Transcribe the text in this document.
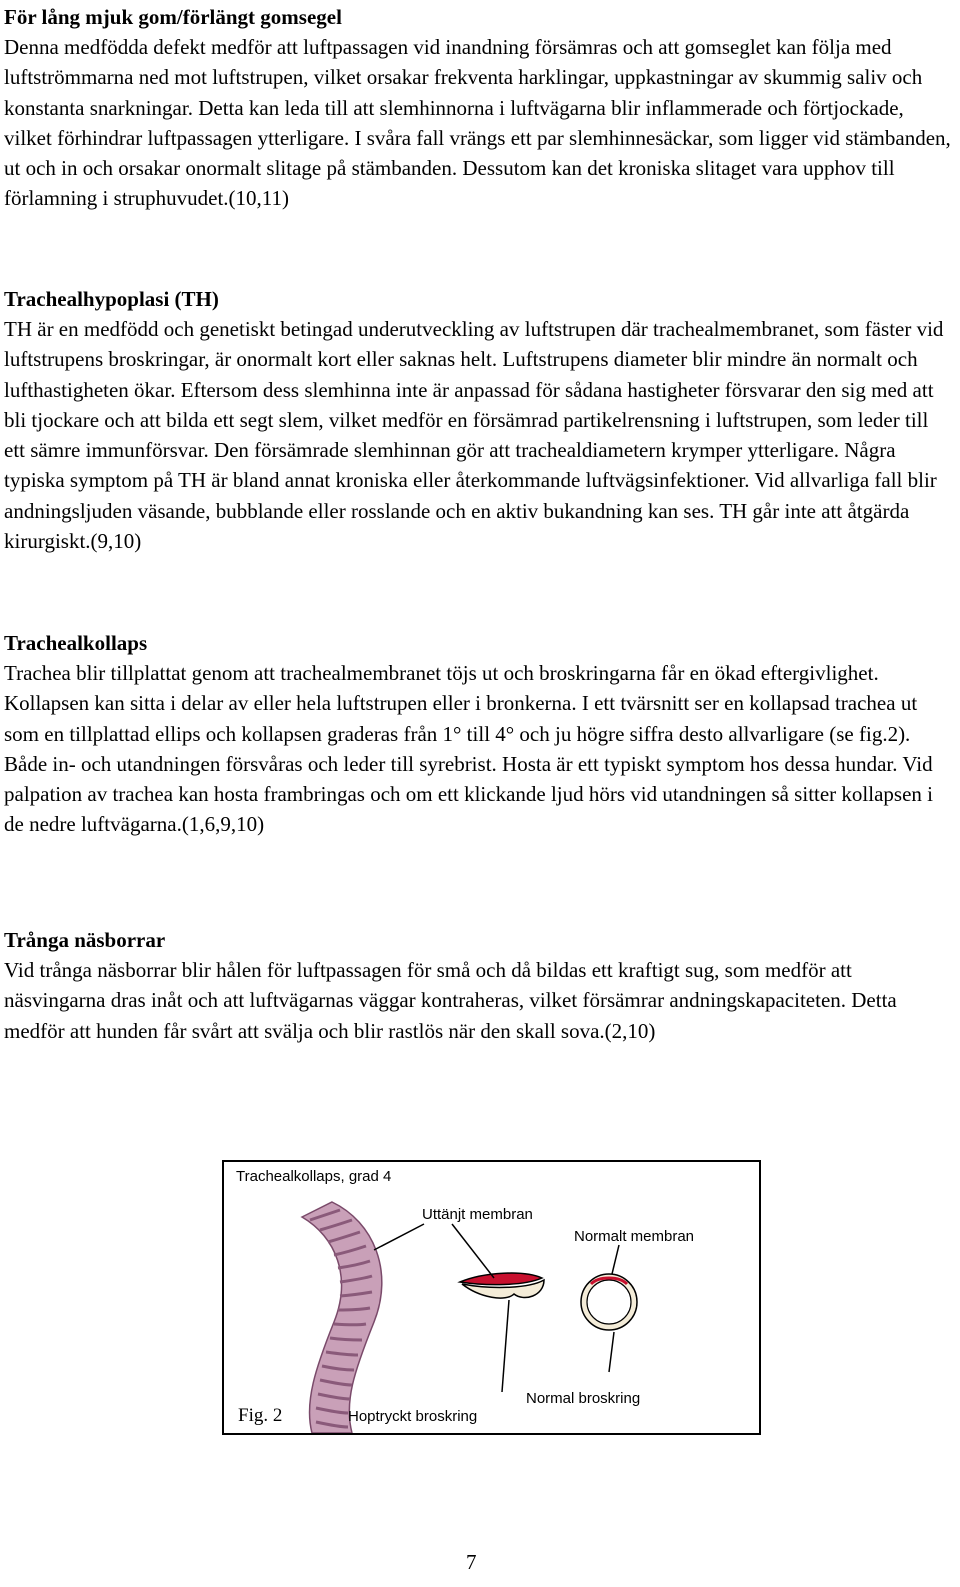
För lång mjuk gom/förlängt gomsegel

Denna medfödda defekt medför att luftpassagen vid inandning försämras och att gomseglet kan följa med luftströmmarna ned mot luftstrupen, vilket orsakar frekventa harklingar, uppkastningar av skummig saliv och konstanta snarkningar. Detta kan leda till att slemhinnorna i luftvägarna blir inflammerade och förtjockade, vilket förhindrar luftpassagen ytterligare. I svåra fall vrängs ett par slemhinnesäckar, som ligger vid stämbanden, ut och in och orsakar onormalt slitage på stämbanden. Dessutom kan det kroniska slitaget vara upphov till förlamning i struphuvudet.(10,11)

Trachealhypoplasi (TH)

TH är en medfödd och genetiskt betingad underutveckling av luftstrupen där trachealmembranet, som fäster vid luftstrupens broskringar, är onormalt kort eller saknas helt. Luftstrupens diameter blir mindre än normalt och lufthastigheten ökar. Eftersom dess slemhinna inte är anpassad för sådana hastigheter försvarar den sig med att bli tjockare och att bilda ett segt slem, vilket medför en försämrad partikelrensning i luftstrupen, som leder till ett sämre immunförsvar. Den försämrade slemhinnan gör att trachealdiametern krymper ytterligare. Några typiska symptom på TH är bland annat kroniska eller återkommande luftvägsinfektioner. Vid allvarliga fall blir andningsljuden väsande, bubblande eller rosslande och en aktiv bukandning kan ses. TH går inte att åtgärda kirurgiskt.(9,10)

Trachealkollaps

Trachea blir tillplattat genom att trachealmembranet töjs ut och broskringarna får en ökad eftergivlighet. Kollapsen kan sitta i delar av eller hela luftstrupen eller i bronkerna. I ett tvärsnitt ser en kollapsad trachea ut som en tillplattad ellips och kollapsen graderas från 1° till 4° och ju högre siffra desto allvarligare (se fig.2). Både in- och utandningen försvåras och leder till syrebrist. Hosta är ett typiskt symptom hos dessa hundar. Vid palpation av trachea kan hosta frambringas och om ett klickande ljud hörs vid utandningen så sitter kollapsen i de nedre luftvägarna.(1,6,9,10)

Trånga näsborrar

Vid trånga näsborrar blir hålen för luftpassagen för små och då bildas ett kraftigt sug, som medför att näsvingarna dras inåt och att luftvägarnas väggar kontraheras, vilket försämrar andningskapaciteten. Detta medför att hunden får svårt att svälja och blir rastlös när den skall sova.(2,10)

Trachealkollaps, grad 4
Uttänjt membran
Normalt membran
Normal broskring
Hoptryckt broskring
Fig. 2
7
